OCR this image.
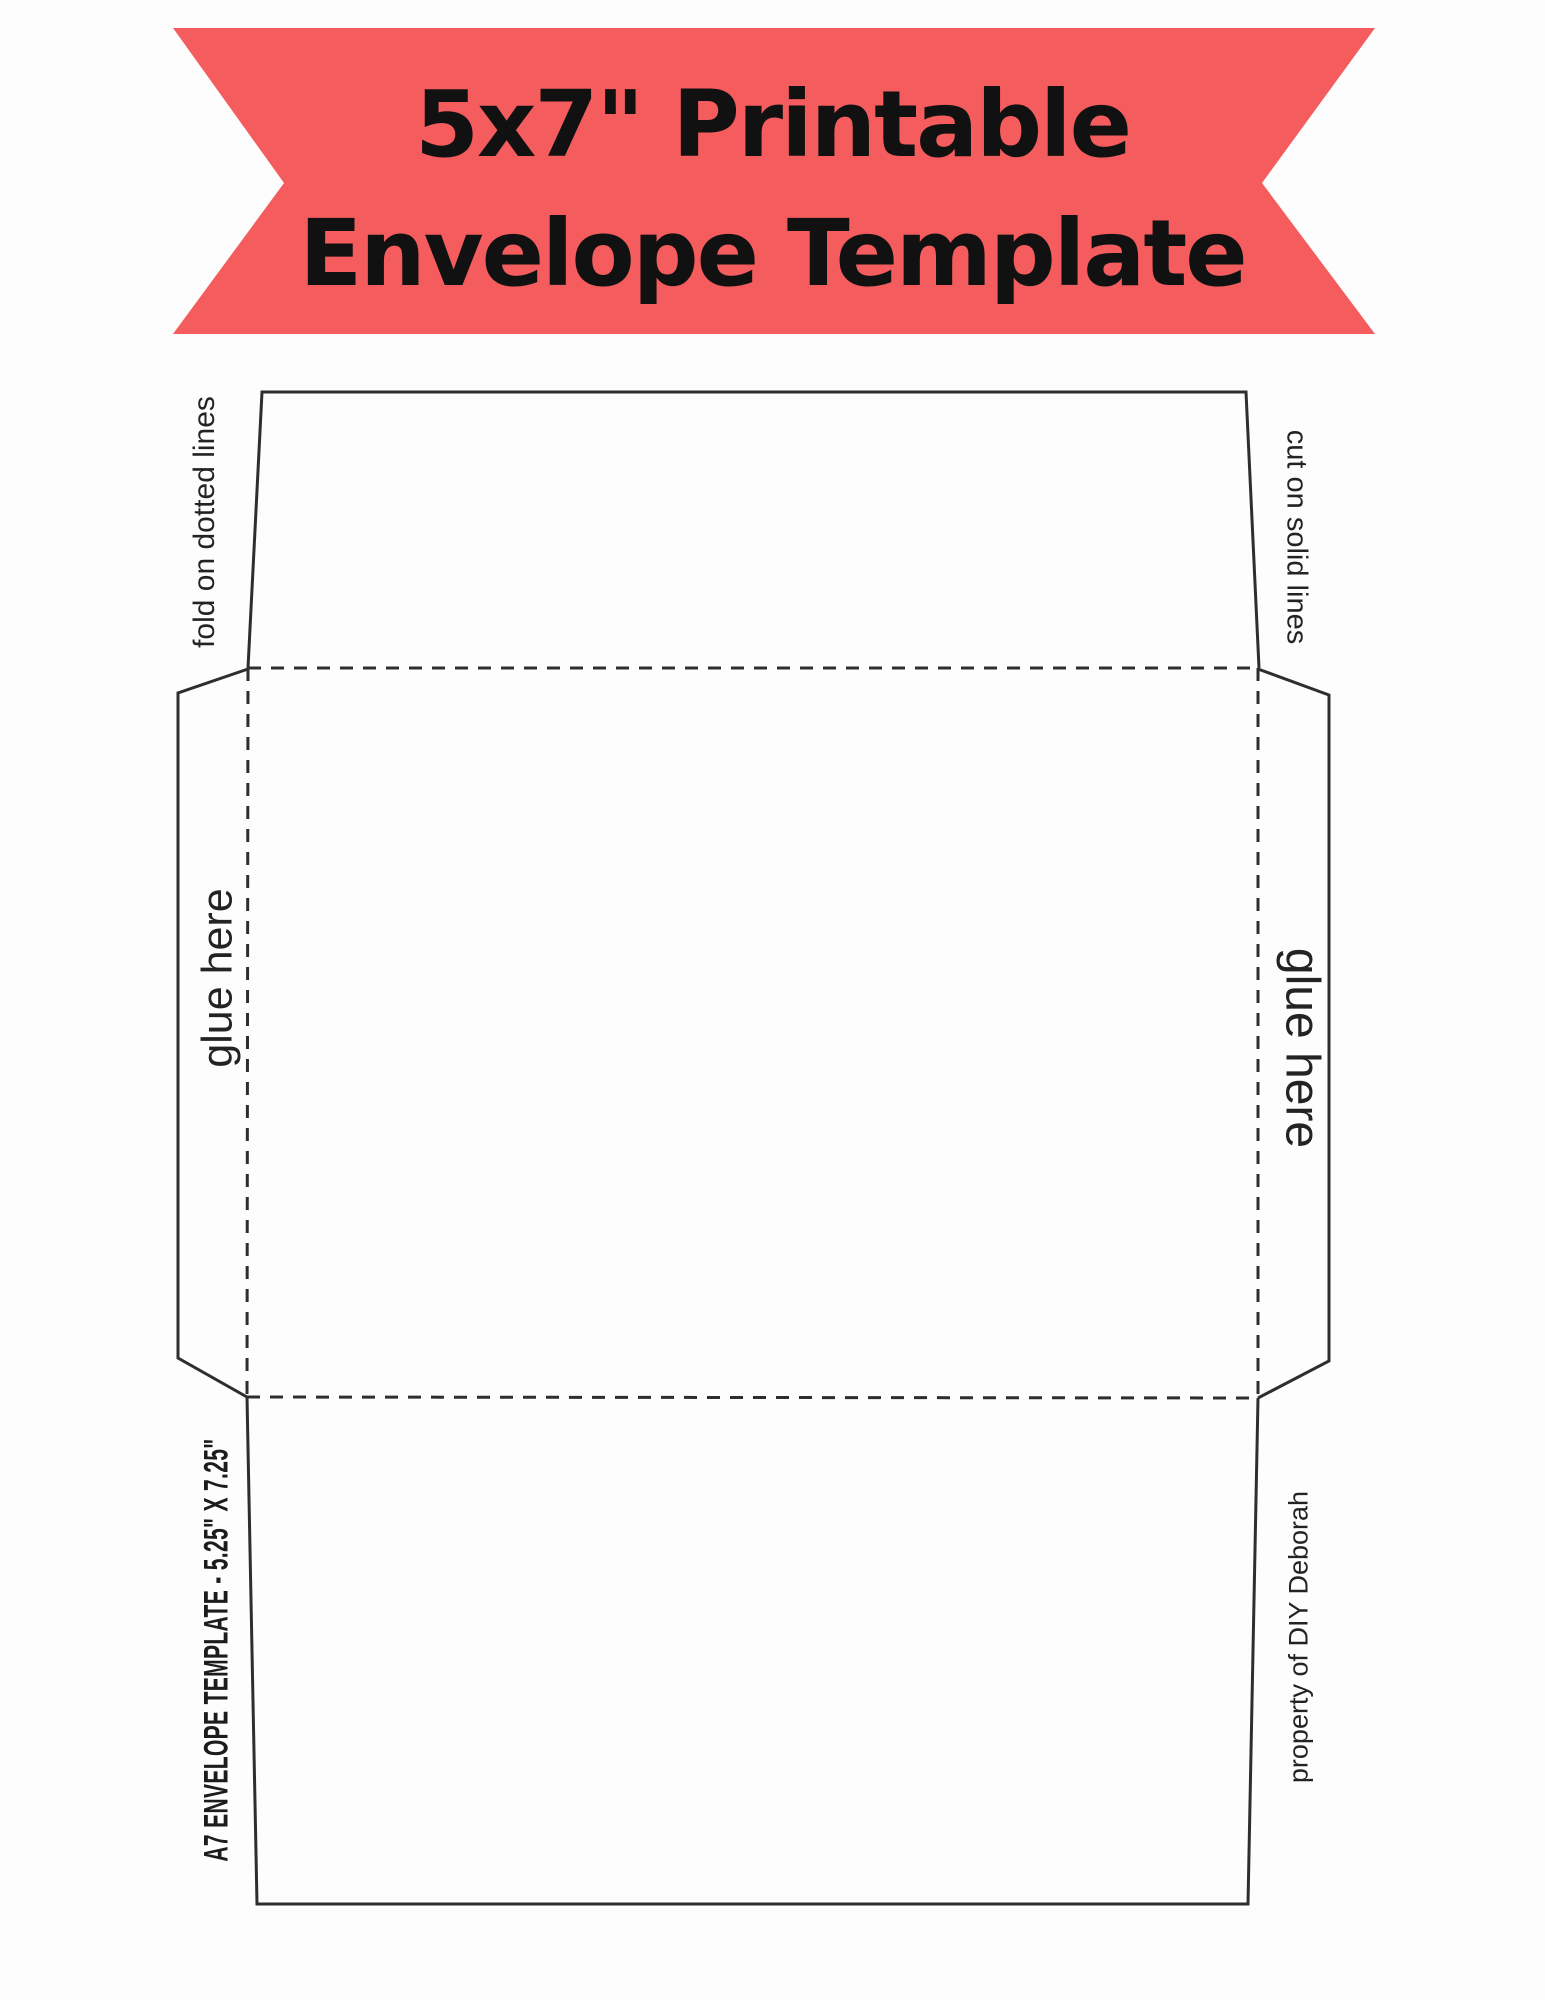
5x7" Printable
Envelope Template
fold on dotted lines	cut on solid lines
glue here	glue here
A7 ENVELOPE TEMPLATE - 5.25" X 7.25"	property of DIY Deborah
